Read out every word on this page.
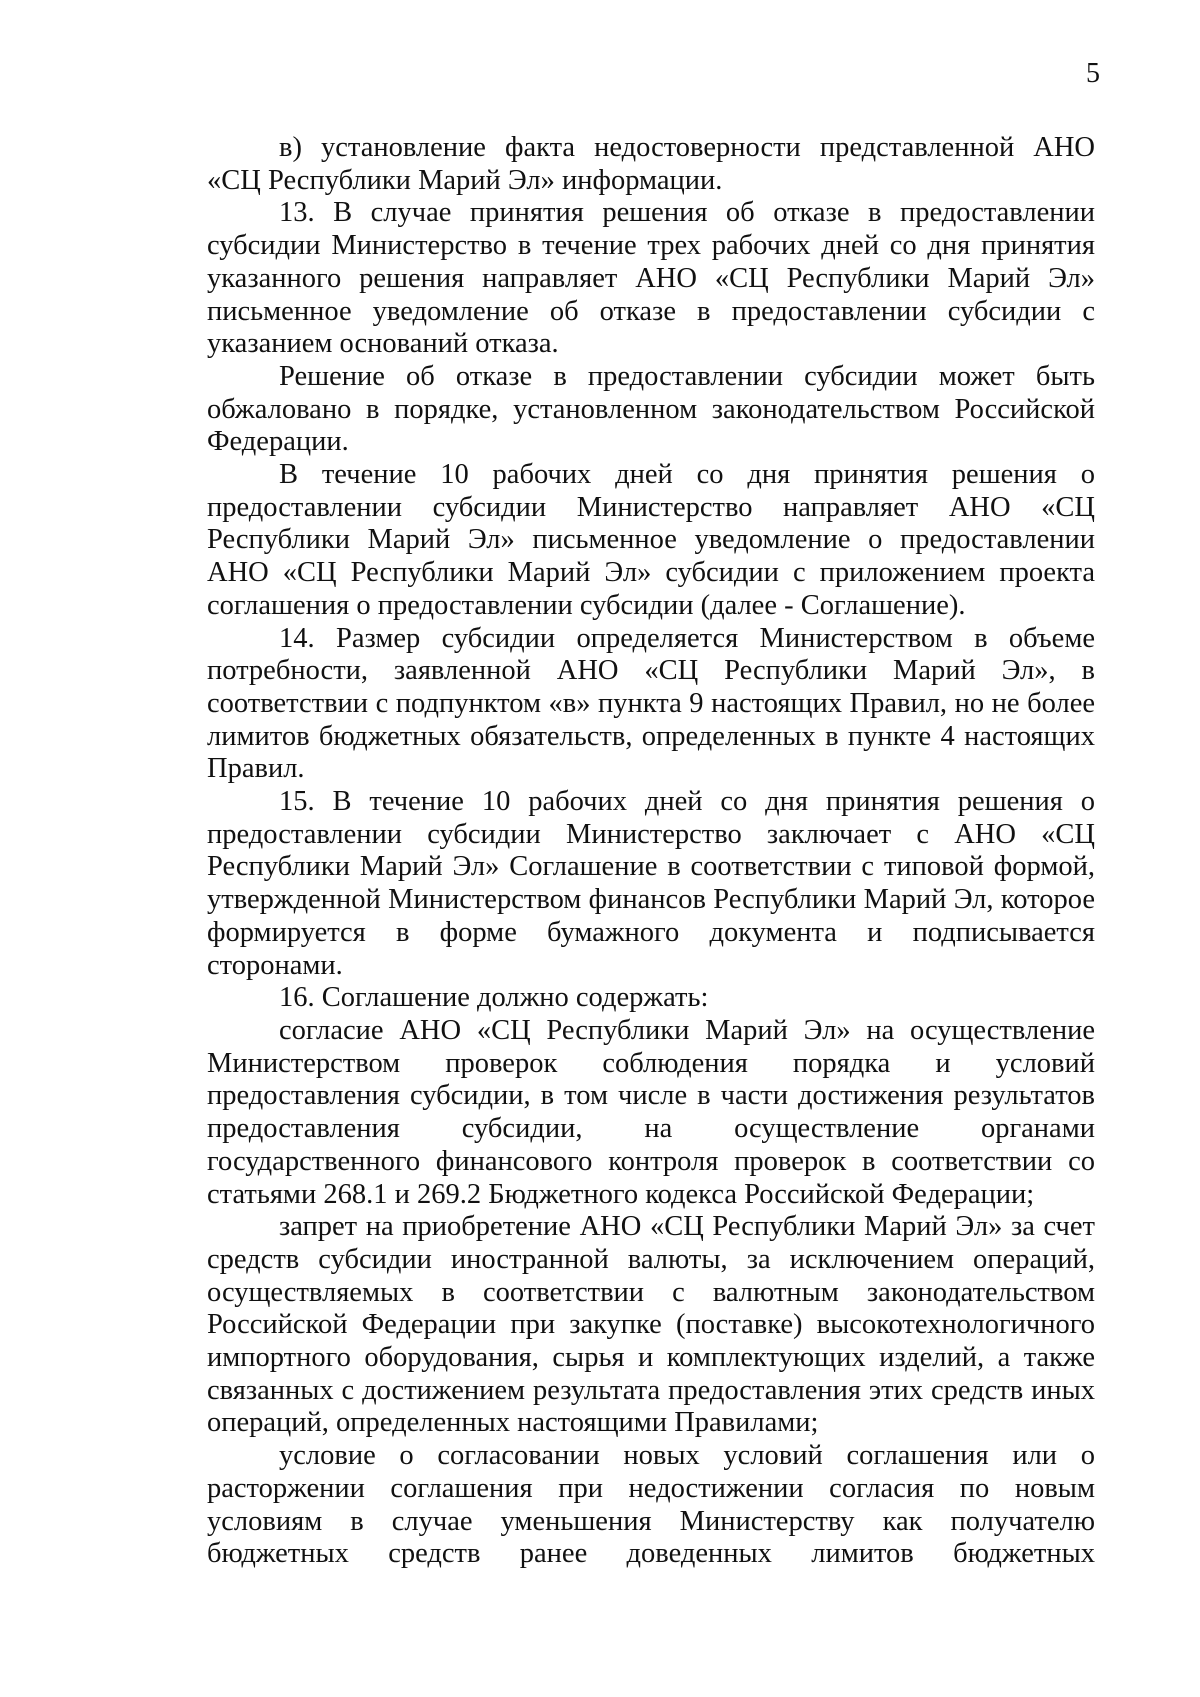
5

в) установление факта недостоверности представленной АНО «СЦ Республики Марий Эл» информации.

13. В случае принятия решения об отказе в предоставлении субсидии Министерство в течение трех рабочих дней со дня принятия указанного решения направляет АНО «СЦ Республики Марий Эл» письменное уведомление об отказе в предоставлении субсидии с указанием оснований отказа.

Решение об отказе в предоставлении субсидии может быть обжаловано в порядке, установленном законодательством Российской Федерации.

В течение 10 рабочих дней со дня принятия решения о предоставлении субсидии Министерство направляет АНО «СЦ Республики Марий Эл» письменное уведомление о предоставлении АНО «СЦ Республики Марий Эл» субсидии с приложением проекта соглашения о предоставлении субсидии (далее - Соглашение).

14. Размер субсидии определяется Министерством в объеме потребности, заявленной АНО «СЦ Республики Марий Эл», в соответствии с подпунктом «в» пункта 9 настоящих Правил, но не более лимитов бюджетных обязательств, определенных в пункте 4 настоящих Правил.

15. В течение 10 рабочих дней со дня принятия решения о предоставлении субсидии Министерство заключает с АНО «СЦ Республики Марий Эл» Соглашение в соответствии с типовой формой, утвержденной Министерством финансов Республики Марий Эл, которое формируется в форме бумажного документа и подписывается сторонами.

16. Соглашение должно содержать:

согласие АНО «СЦ Республики Марий Эл» на осуществление Министерством проверок соблюдения порядка и условий предоставления субсидии, в том числе в части достижения результатов предоставления субсидии, на осуществление органами государственного финансового контроля проверок в соответствии со статьями 268.1 и 269.2 Бюджетного кодекса Российской Федерации;

запрет на приобретение АНО «СЦ Республики Марий Эл» за счет средств субсидии иностранной валюты, за исключением операций, осуществляемых в соответствии с валютным законодательством Российской Федерации при закупке (поставке) высокотехнологичного импортного оборудования, сырья и комплектующих изделий, а также связанных с достижением результата предоставления этих средств иных операций, определенных настоящими Правилами;

условие о согласовании новых условий соглашения или о расторжении соглашения при недостижении согласия по новым условиям в случае уменьшения Министерству как получателю бюджетных средств ранее доведенных лимитов бюджетных
